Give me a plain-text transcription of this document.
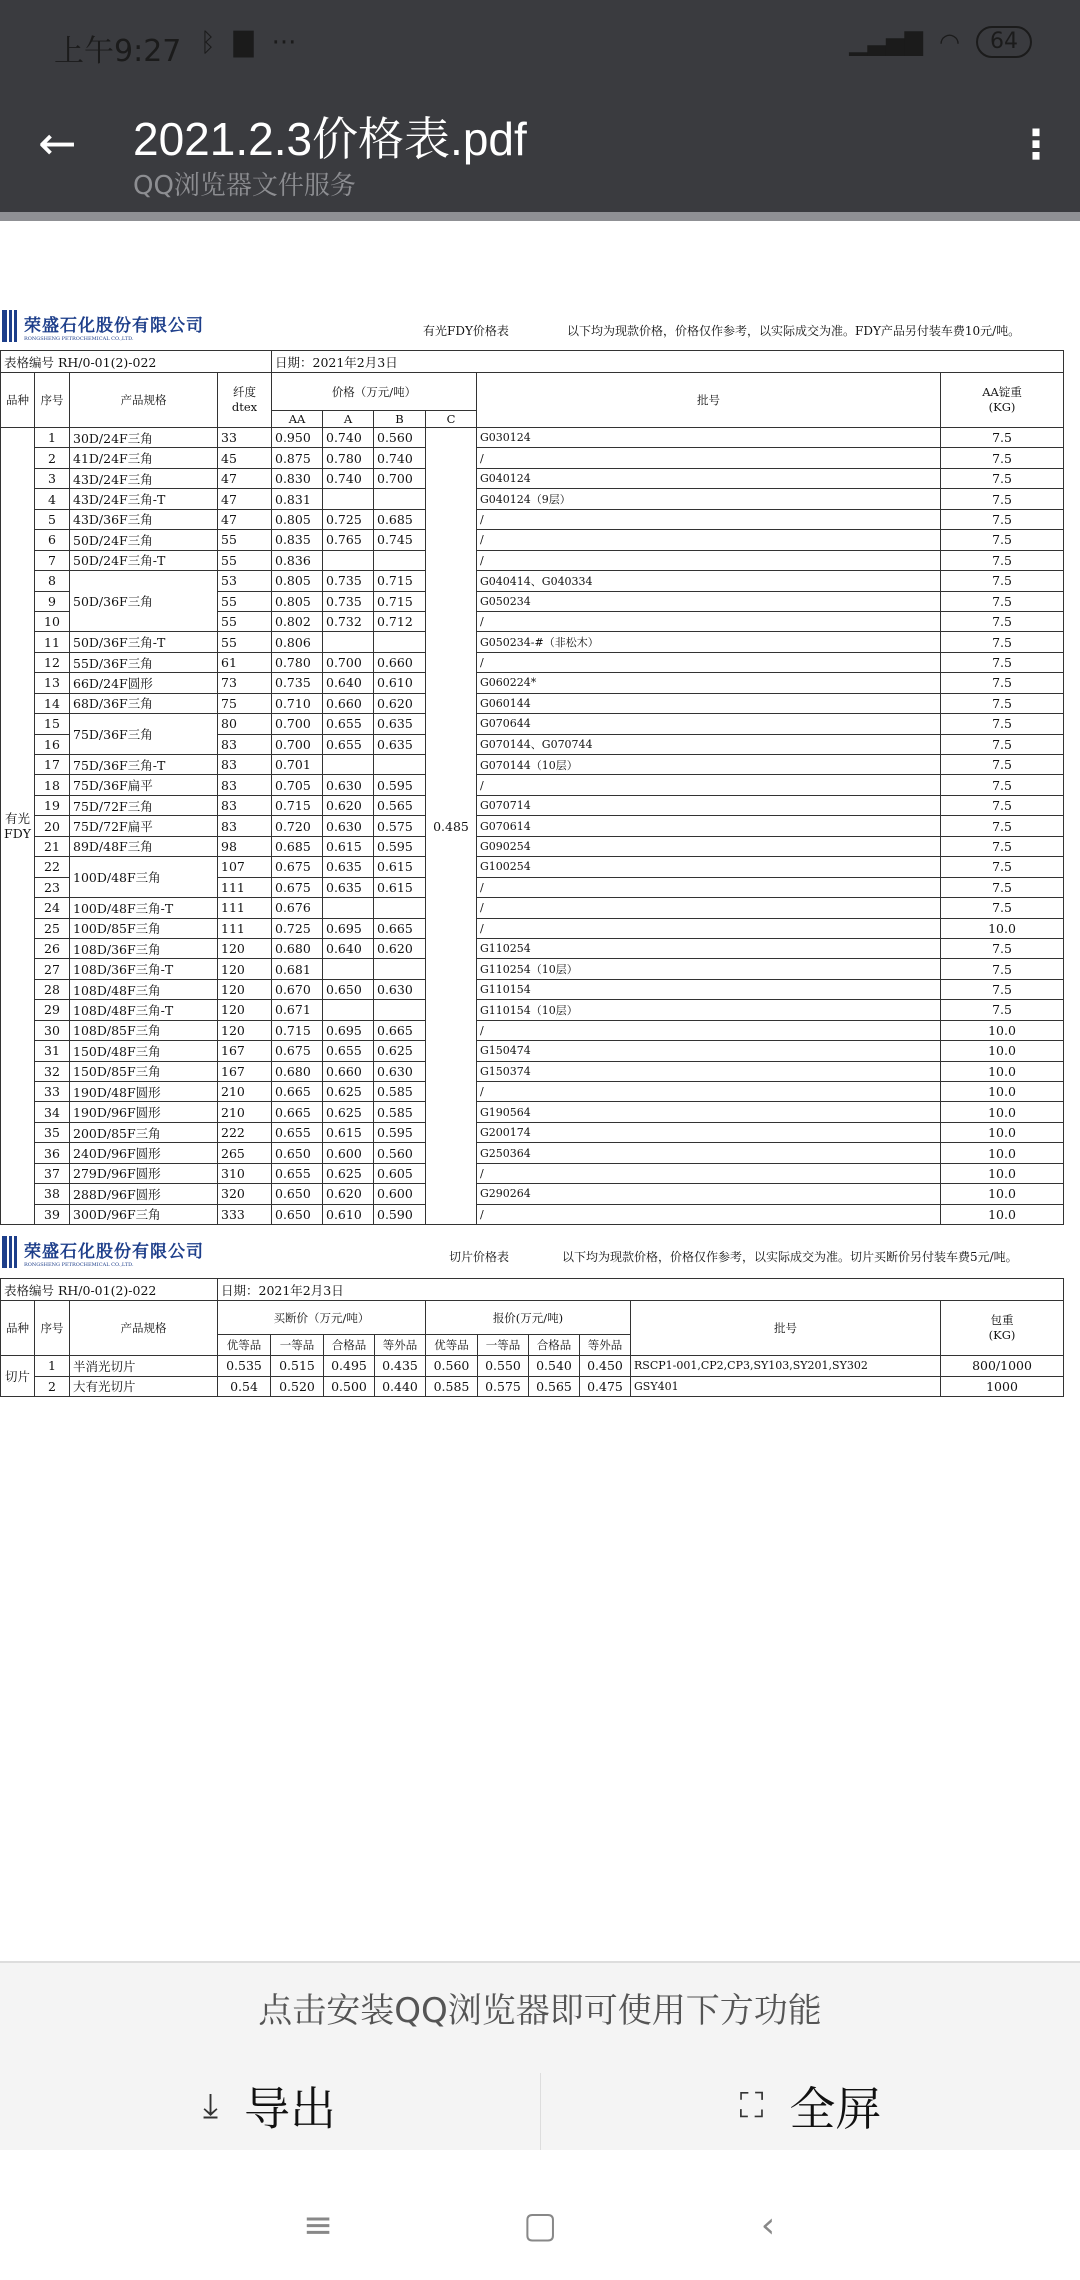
上午9:27 ᛒ ▇ ···	▁▃▅▇ ◠	64
←	2021.2.3价格表.pdf
QQ浏览器文件服务
⋮
荣盛石化股份有限公司
RONGSHENG PETROCHEMICAL CO.,LTD.
有光FDY价格表	以下均为现款价格，价格仅作参考，以实际成交为准。FDY产品另付装车费10元/吨。
表格编号 RH/0-01(2)-022				日期：2021年2月3日					
品种	序号	产品规格	纤度
dtex	价格（万元/吨）				批号	AA锭重
(KG)
				AA	A	B	C		
有光
FDY	1	30D/24F三角	33	0.950	0.740	0.560	0.485	G030124	7.5
	2	41D/24F三角	45	0.875	0.780	0.740		/	7.5
	3	43D/24F三角	47	0.830	0.740	0.700		G040124	7.5
	4	43D/24F三角-T	47	0.831				G040124（9层）	7.5
	5	43D/36F三角	47	0.805	0.725	0.685		/	7.5
	6	50D/24F三角	55	0.835	0.765	0.745		/	7.5
	7	50D/24F三角-T	55	0.836				/	7.5
	8	50D/36F三角	53	0.805	0.735	0.715		G040414、G040334	7.5
	9		55	0.805	0.735	0.715		G050234	7.5
	10		55	0.802	0.732	0.712		/	7.5
	11	50D/36F三角-T	55	0.806				G050234-#（非松木）	7.5
	12	55D/36F三角	61	0.780	0.700	0.660		/	7.5
	13	66D/24F圆形	73	0.735	0.640	0.610		G060224*	7.5
	14	68D/36F三角	75	0.710	0.660	0.620		G060144	7.5
	15	75D/36F三角	80	0.700	0.655	0.635		G070644	7.5
	16		83	0.700	0.655	0.635		G070144、G070744	7.5
	17	75D/36F三角-T	83	0.701				G070144（10层）	7.5
	18	75D/36F扁平	83	0.705	0.630	0.595		/	7.5
	19	75D/72F三角	83	0.715	0.620	0.565		G070714	7.5
	20	75D/72F扁平	83	0.720	0.630	0.575		G070614	7.5
	21	89D/48F三角	98	0.685	0.615	0.595		G090254	7.5
	22	100D/48F三角	107	0.675	0.635	0.615		G100254	7.5
	23		111	0.675	0.635	0.615		/	7.5
	24	100D/48F三角-T	111	0.676				/	7.5
	25	100D/85F三角	111	0.725	0.695	0.665		/	10.0
	26	108D/36F三角	120	0.680	0.640	0.620		G110254	7.5
	27	108D/36F三角-T	120	0.681				G110254（10层）	7.5
	28	108D/48F三角	120	0.670	0.650	0.630		G110154	7.5
	29	108D/48F三角-T	120	0.671				G110154（10层）	7.5
	30	108D/85F三角	120	0.715	0.695	0.665		/	10.0
	31	150D/48F三角	167	0.675	0.655	0.625		G150474	10.0
	32	150D/85F三角	167	0.680	0.660	0.630		G150374	10.0
	33	190D/48F圆形	210	0.665	0.625	0.585		/	10.0
	34	190D/96F圆形	210	0.665	0.625	0.585		G190564	10.0
	35	200D/85F三角	222	0.655	0.615	0.595		G200174	10.0
	36	240D/96F圆形	265	0.650	0.600	0.560		G250364	10.0
	37	279D/96F圆形	310	0.655	0.625	0.605		/	10.0
	38	288D/96F圆形	320	0.650	0.620	0.600		G290264	10.0
	39	300D/96F三角	333	0.650	0.610	0.590		/	10.0
荣盛石化股份有限公司
RONGSHENG PETROCHEMICAL CO.,LTD.
切片价格表	以下均为现款价格，价格仅作参考，以实际成交为准。切片买断价另付装车费5元/吨。
表格编号 RH/0-01(2)-022			日期：2021年2月3日									
品种	序号	产品规格	买断价（万元/吨）				报价(万元/吨)				批号	包重
(KG)
			优等品	一等品	合格品	等外品	优等品	一等品	合格品	等外品		
切片	1	半消光切片	0.535	0.515	0.495	0.435	0.560	0.550	0.540	0.450	RSCP1-001,CP2,CP3,SY103,SY201,SY302	800/1000
	2	大有光切片	0.54	0.520	0.500	0.440	0.585	0.575	0.565	0.475	GSY401	1000
点击安装QQ浏览器即可使用下方功能
⤓ 导出	⛶ 全屏
≡	▢	‹
